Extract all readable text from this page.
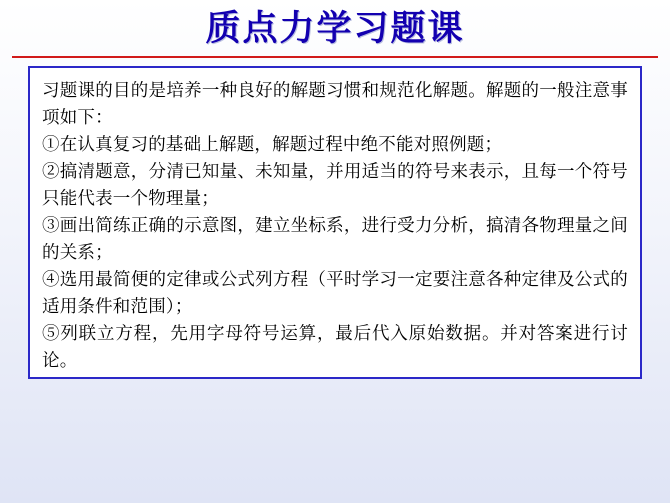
质点力学习题课

习题课的目的是培养一种良好的解题习惯和规范化解题。解题的一般注意事项如下：

①在认真复习的基础上解题，解题过程中绝不能对照例题；

②搞清题意，分清已知量、未知量，并用适当的符号来表示，且每一个符号只能代表一个物理量；

③画出简练正确的示意图，建立坐标系，进行受力分析，搞清各物理量之间的关系；

④选用最简便的定律或公式列方程（平时学习一定要注意各种定律及公式的适用条件和范围）；

⑤列联立方程，先用字母符号运算，最后代入原始数据。并对答案进行讨论。
